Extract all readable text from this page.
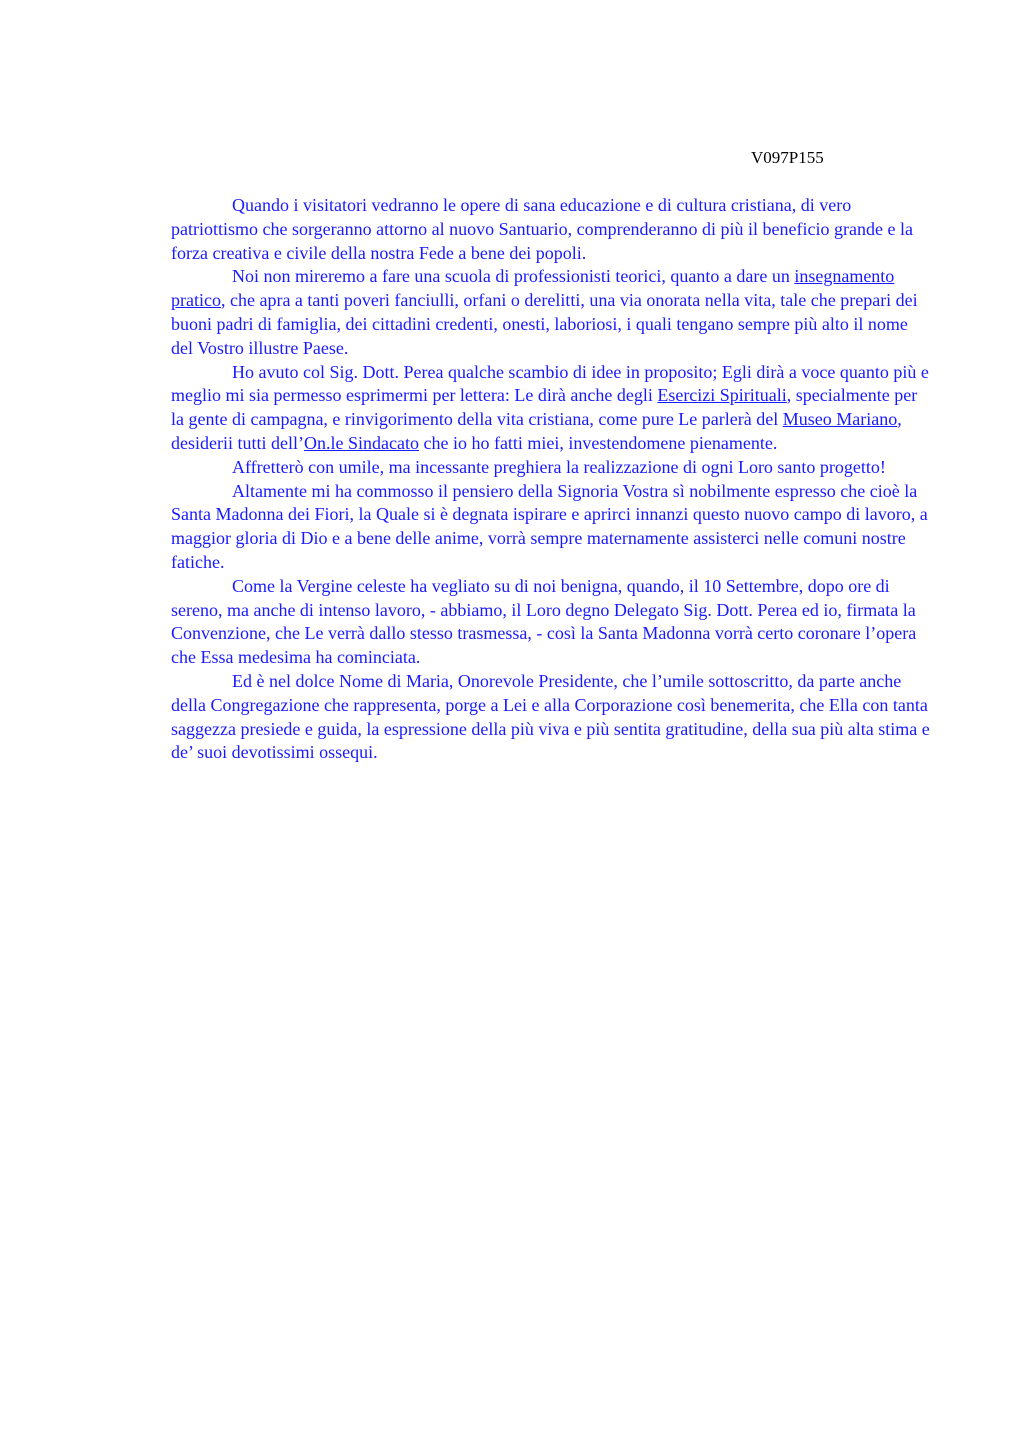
V097P155

Quando i visitatori vedranno le opere di sana educazione e di cultura cristiana, di vero patriottismo che sorgeranno attorno al nuovo Santuario, comprenderanno di più il beneficio grande e la forza creativa e civile della nostra Fede a bene dei popoli.

Noi non mireremo a fare una scuola di professionisti teorici, quanto a dare un insegnamento pratico, che apra a tanti poveri fanciulli, orfani o derelitti, una via onorata nella vita, tale che prepari dei buoni padri di famiglia, dei cittadini credenti, onesti, laboriosi, i quali tengano sempre più alto il nome del Vostro illustre Paese.

Ho avuto col Sig. Dott. Perea qualche scambio di idee in proposito; Egli dirà a voce quanto più e meglio mi sia permesso esprimermi per lettera: Le dirà anche degli Esercizi Spirituali, specialmente per la gente di campagna, e rinvigorimento della vita cristiana, come pure Le parlerà del Museo Mariano, desiderii tutti dell’On.le Sindacato che io ho fatti miei, investendomene pienamente.

Affretterò con umile, ma incessante preghiera la realizzazione di ogni Loro santo progetto!

Altamente mi ha commosso il pensiero della Signoria Vostra sì nobilmente espresso che cioè la Santa Madonna dei Fiori, la Quale si è degnata ispirare e aprirci innanzi questo nuovo campo di lavoro, a maggior gloria di Dio e a bene delle anime, vorrà sempre maternamente assisterci nelle comuni nostre fatiche.

Come la Vergine celeste ha vegliato su di noi benigna, quando, il 10 Settembre, dopo ore di sereno, ma anche di intenso lavoro, - abbiamo, il Loro degno Delegato Sig. Dott. Perea ed io, firmata la Convenzione, che Le verrà dallo stesso trasmessa, - così la Santa Madonna vorrà certo coronare l’opera che Essa medesima ha cominciata.

Ed è nel dolce Nome di Maria, Onorevole Presidente, che l’umile sottoscritto, da parte anche della Congregazione che rappresenta, porge a Lei e alla Corporazione così benemerita, che Ella con tanta saggezza presiede e guida, la espressione della più viva e più sentita gratitudine, della sua più alta stima e de’ suoi devotissimi ossequi.
